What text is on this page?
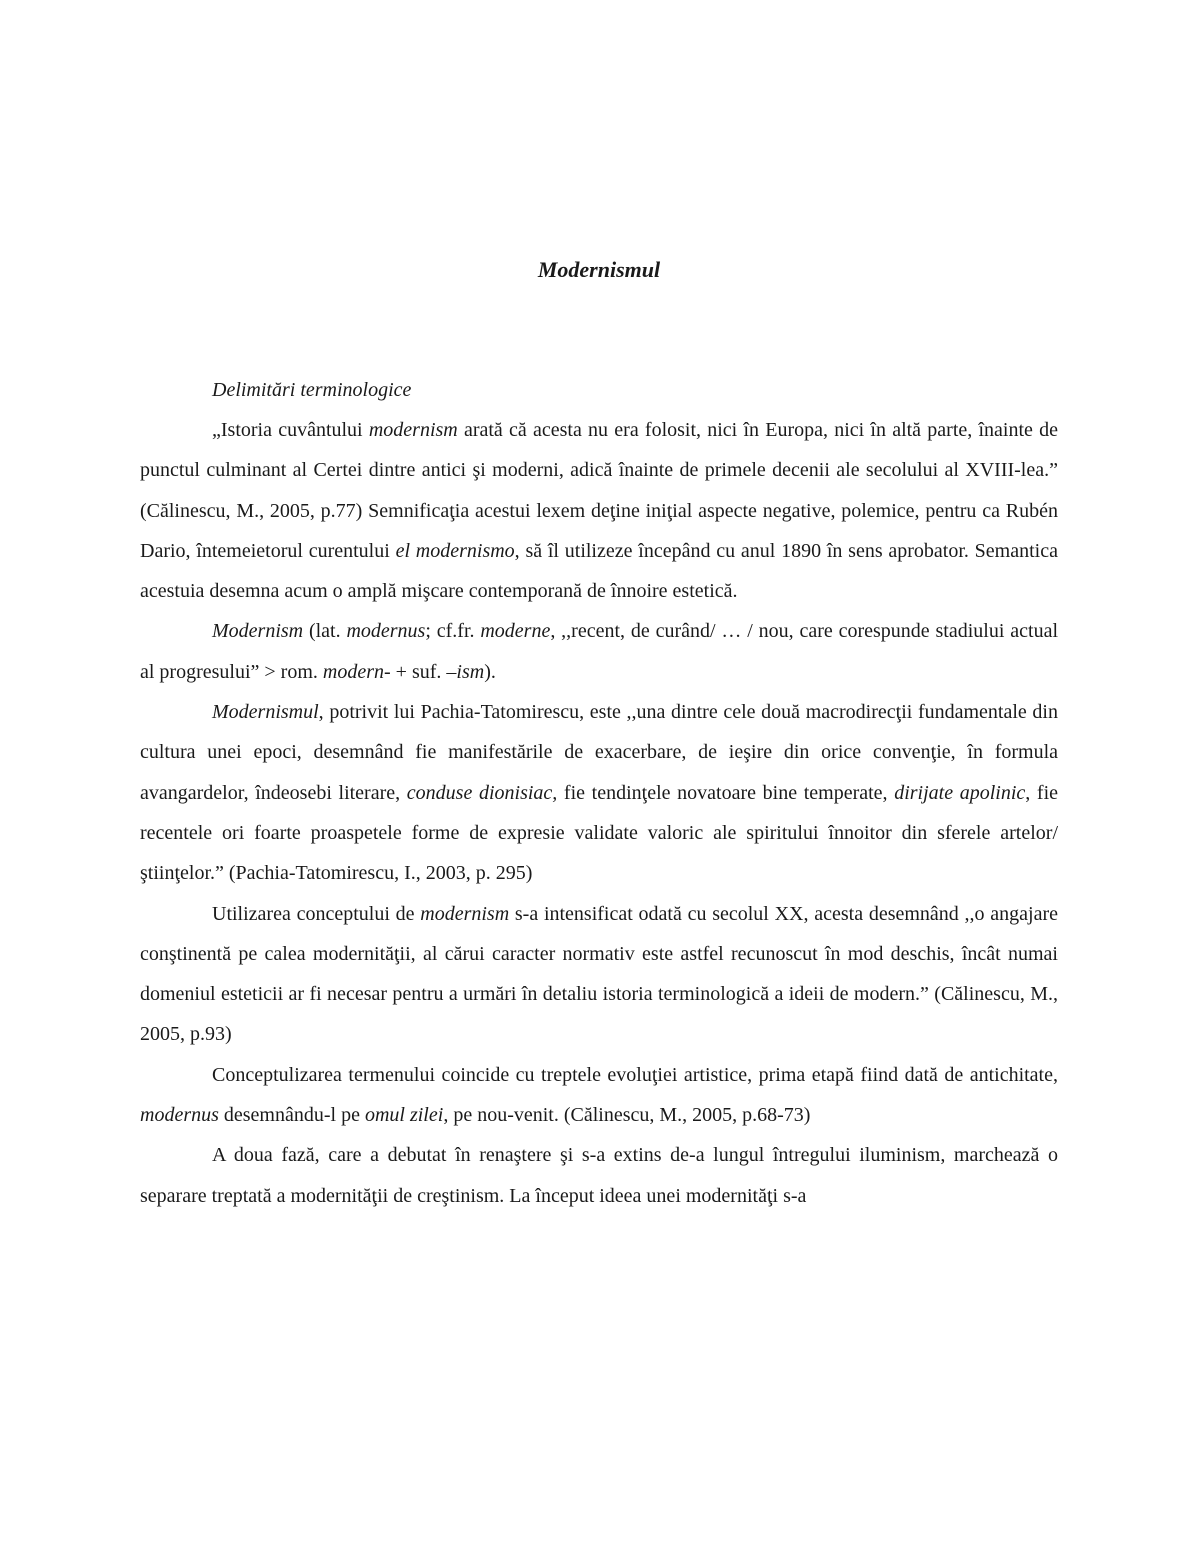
Modernismul

Delimitări terminologice

„Istoria cuvântului modernism arată că acesta nu era folosit, nici în Europa, nici în altă parte, înainte de punctul culminant al Certei dintre antici şi moderni, adică înainte de primele decenii ale secolului al XVIII-lea.” (Călinescu, M., 2005, p.77) Semnificaţia acestui lexem deţine iniţial aspecte negative, polemice, pentru ca Rubén Dario, întemeietorul curentului el modernismo, să îl utilizeze începând cu anul 1890 în sens aprobator. Semantica acestuia desemna acum o amplă mişcare contemporană de înnoire estetică.

Modernism (lat. modernus; cf.fr. moderne, ,,recent, de curând/ … / nou, care corespunde stadiului actual al progresului” > rom. modern- + suf. –ism).

Modernismul, potrivit lui Pachia-Tatomirescu, este ,,una dintre cele două macrodirecţii fundamentale din cultura unei epoci, desemnând fie manifestările de exacerbare, de ieşire din orice convenţie, în formula avangardelor, îndeosebi literare, conduse dionisiac, fie tendinţele novatoare bine temperate, dirijate apolinic, fie recentele ori foarte proaspetele forme de expresie validate valoric ale spiritului înnoitor din sferele artelor/ştiinţelor.” (Pachia-Tatomirescu, I., 2003, p. 295)

Utilizarea conceptului de modernism s-a intensificat odată cu secolul XX, acesta desemnând ,,o angajare conştinentă pe calea modernităţii, al cărui caracter normativ este astfel recunoscut în mod deschis, încât numai domeniul esteticii ar fi necesar pentru a urmări în detaliu istoria terminologică a ideii de modern.” (Călinescu, M., 2005, p.93)

Conceptulizarea termenului coincide cu treptele evoluţiei artistice, prima etapă fiind dată de antichitate, modernus desemnându-l pe omul zilei, pe nou-venit. (Călinescu, M., 2005, p.68-73)

A doua fază, care a debutat în renaştere şi s-a extins de-a lungul întregului iluminism, marchează o separare treptată a modernităţii de creştinism. La început ideea unei modernităţi s-a
